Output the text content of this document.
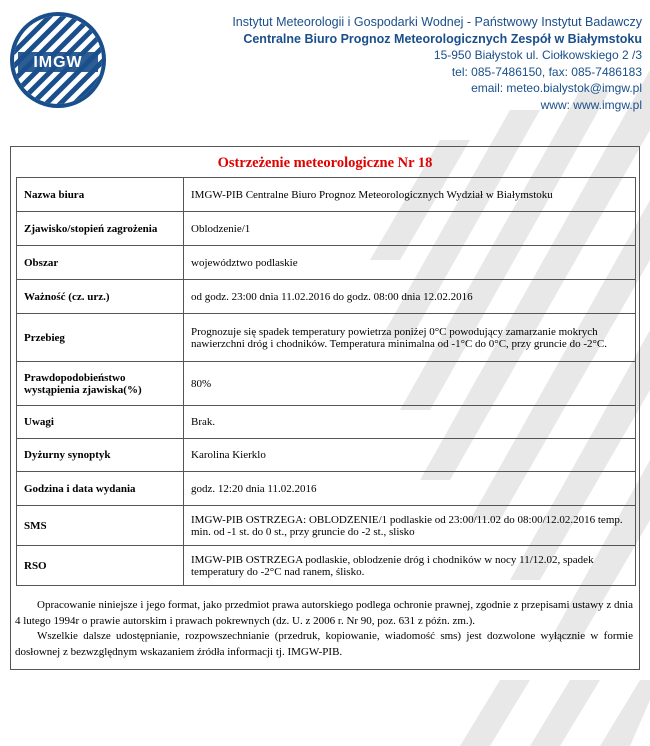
IMGW
Instytut Meteorologii i Gospodarki Wodnej - Państwowy Instytut Badawczy
Centralne Biuro Prognoz Meteorologicznych Zespół w Białymstoku
15-950 Białystok ul. Ciołkowskiego 2 /3
tel: 085-7486150, fax: 085-7486183
email: meteo.bialystok@imgw.pl
www: www.imgw.pl
Ostrzeżenie meteorologiczne Nr 18
Nazwa biura	IMGW-PIB Centralne Biuro Prognoz Meteorologicznych Wydział w Białymstoku
Zjawisko/stopień zagrożenia	Oblodzenie/1
Obszar	województwo podlaskie
Ważność (cz. urz.)	od godz. 23:00 dnia 11.02.2016 do godz. 08:00 dnia 12.02.2016
Przebieg	Prognozuje się spadek temperatury powietrza poniżej 0°C powodujący zamarzanie mokrych nawierzchni dróg i chodników. Temperatura minimalna od -1°C do 0°C, przy gruncie do -2°C.
Prawdopodobieństwo wystąpienia zjawiska(%)	80%
Uwagi	Brak.
Dyżurny synoptyk	Karolina Kierklo
Godzina i data wydania	godz. 12:20 dnia 11.02.2016
SMS	IMGW-PIB OSTRZEGA: OBLODZENIE/1 podlaskie od 23:00/11.02 do 08:00/12.02.2016 temp. min. od -1 st. do 0 st., przy gruncie do -2 st., slisko
RSO	IMGW-PIB OSTRZEGA podlaskie, oblodzenie dróg i chodników w nocy 11/12.02, spadek temperatury do -2°C nad ranem, ślisko.

Opracowanie niniejsze i jego format, jako przedmiot prawa autorskiego podlega ochronie prawnej, zgodnie z przepisami ustawy z dnia 4 lutego 1994r o prawie autorskim i prawach pokrewnych (dz. U. z 2006 r. Nr 90, poz. 631 z późn. zm.).

Wszelkie dalsze udostępnianie, rozpowszechnianie (przedruk, kopiowanie, wiadomość sms) jest dozwolone wyłącznie w formie dosłownej z bezwzględnym wskazaniem źródła informacji tj. IMGW-PIB.
